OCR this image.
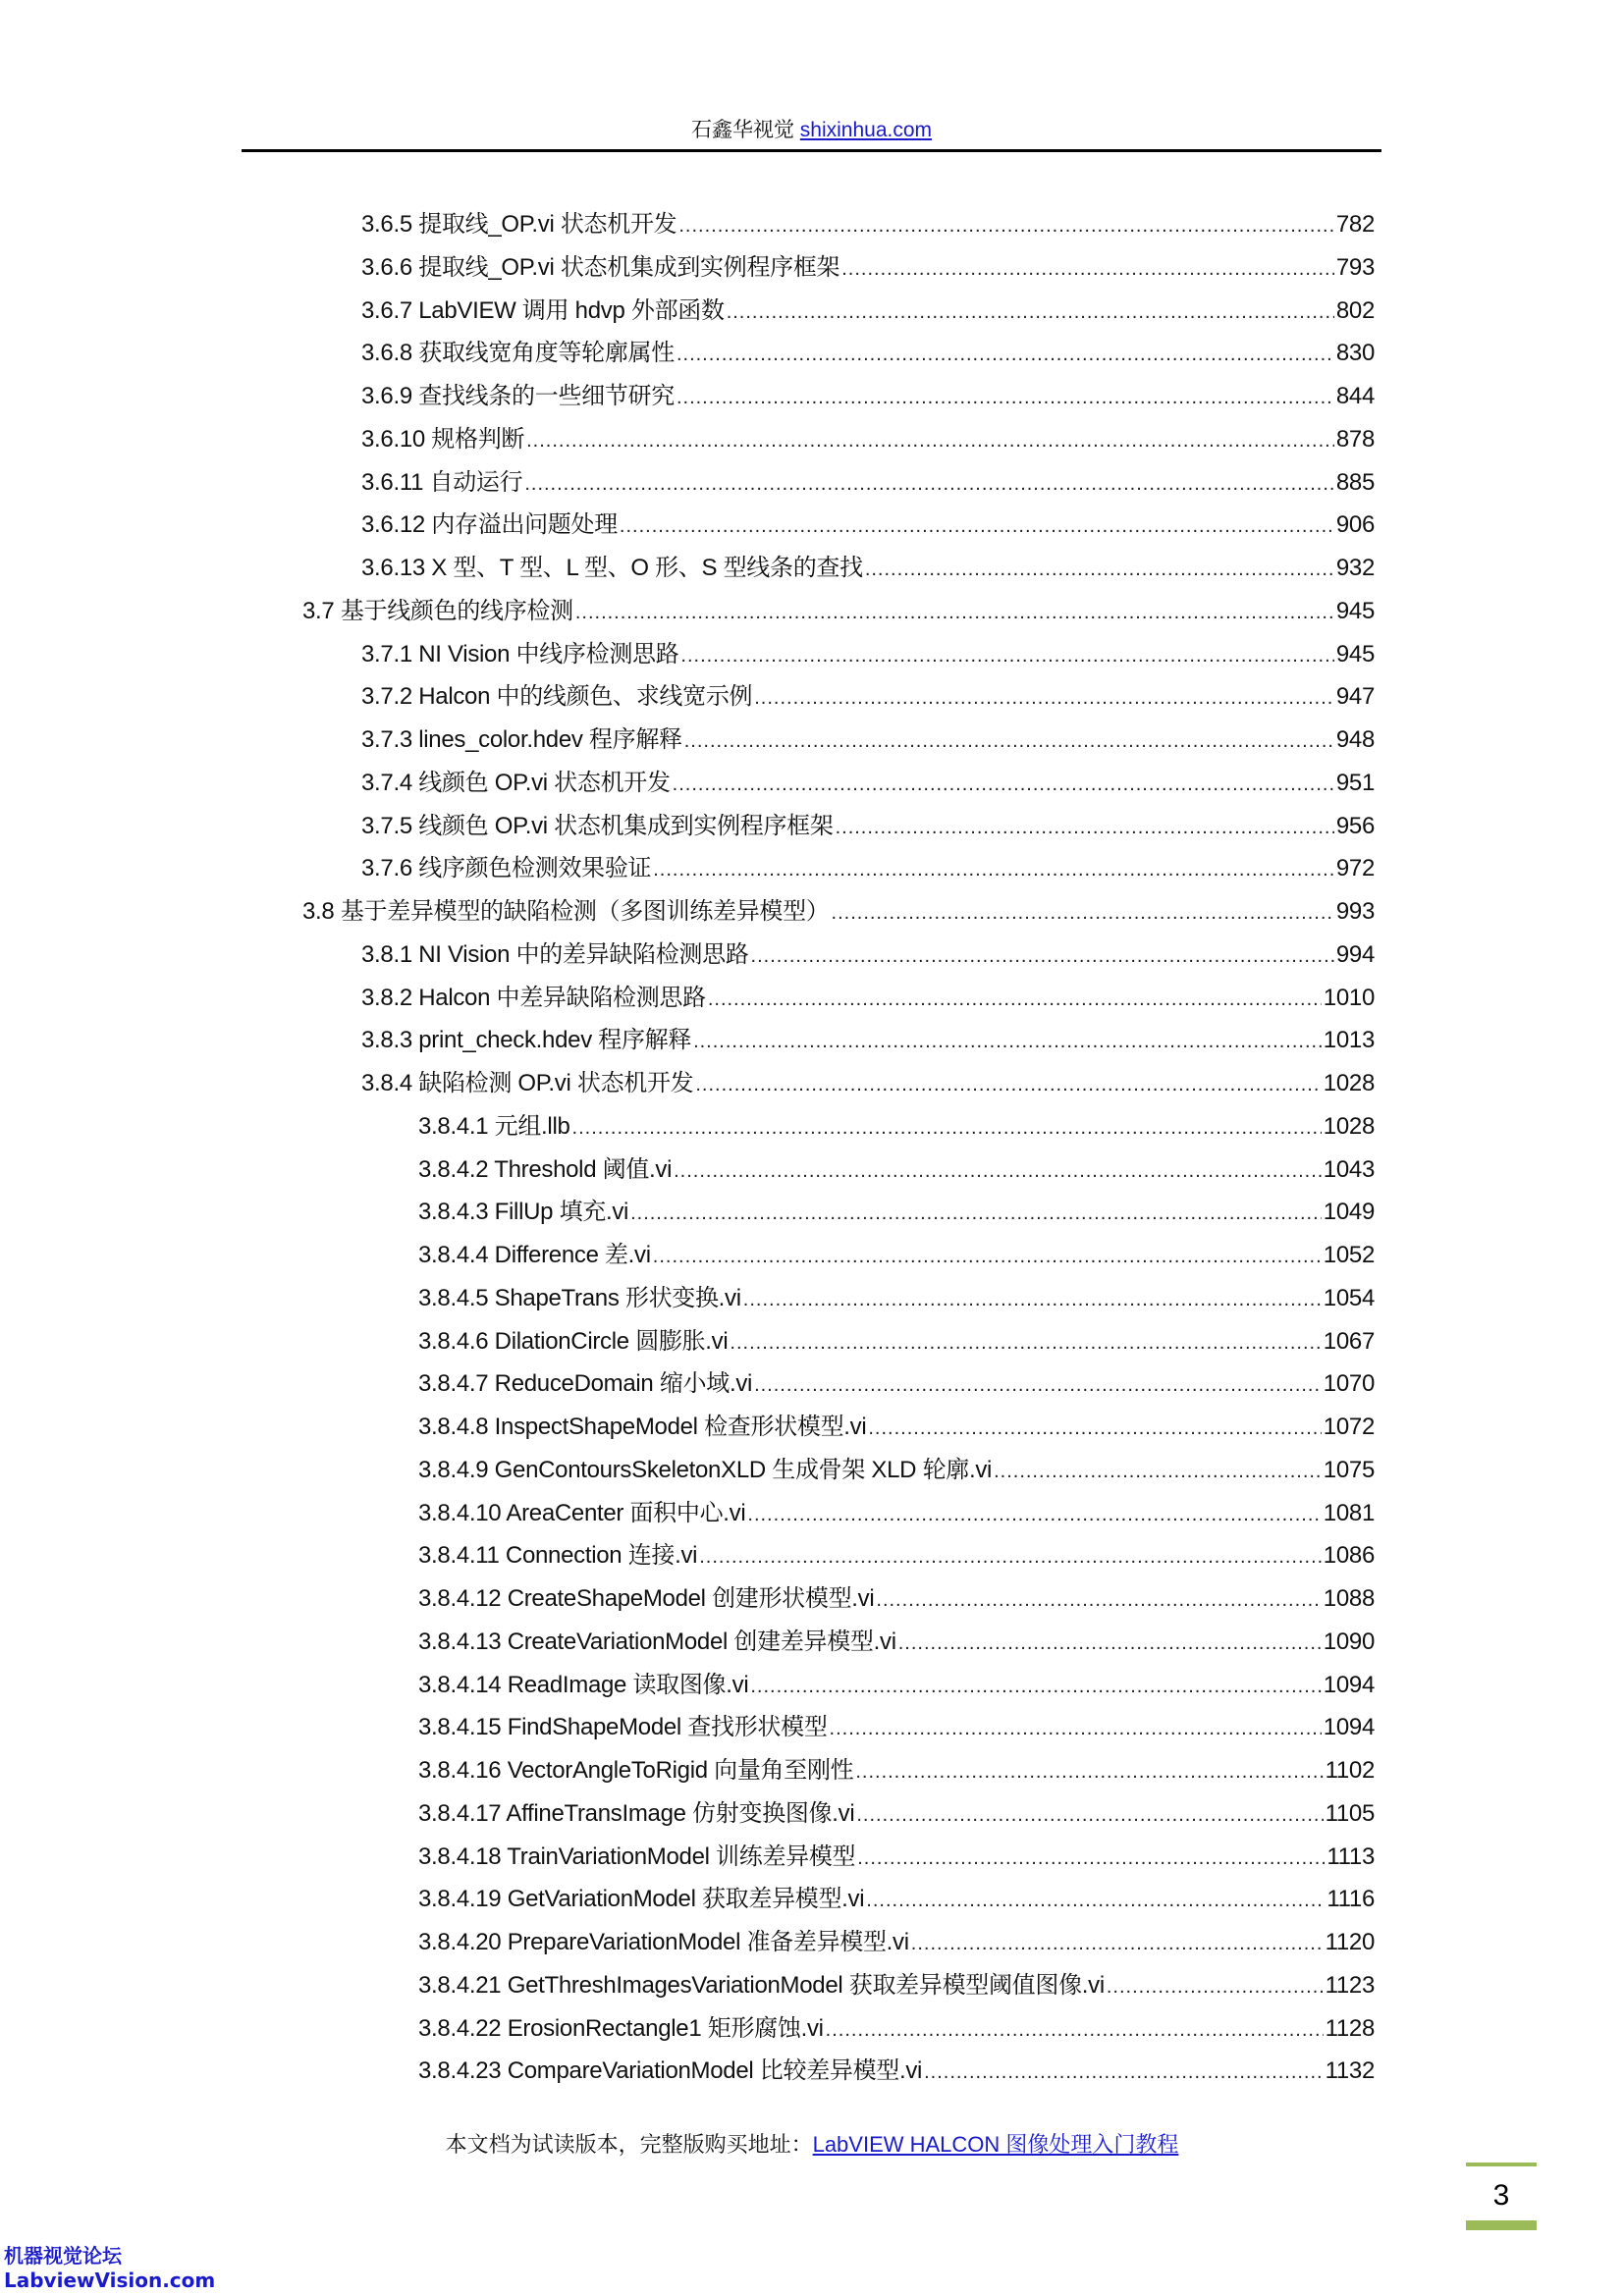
石鑫华视觉 shixinhua.com
3.6.5 提取线_OP.vi 状态机开发 .....	782
3.6.6 提取线_OP.vi 状态机集成到实例程序框架 .....	793
3.6.7 LabVIEW 调用 hdvp 外部函数 .....	802
3.6.8 获取线宽角度等轮廓属性 .....	830
3.6.9 查找线条的一些细节研究 .....	844
3.6.10 规格判断 .....	878
3.6.11 自动运行 .....	885
3.6.12 内存溢出问题处理 .....	906
3.6.13 X 型、T 型、L 型、O 形、S 型线条的查找 .....	932
3.7 基于线颜色的线序检测 .....	945
3.7.1 NI Vision 中线序检测思路 .....	945
3.7.2 Halcon 中的线颜色、求线宽示例 .....	947
3.7.3 lines_color.hdev 程序解释 .....	948
3.7.4 线颜色 OP.vi 状态机开发 .....	951
3.7.5 线颜色 OP.vi 状态机集成到实例程序框架 .....	956
3.7.6 线序颜色检测效果验证 .....	972
3.8 基于差异模型的缺陷检测（多图训练差异模型） .....	993
3.8.1 NI Vision 中的差异缺陷检测思路 .....	994
3.8.2 Halcon 中差异缺陷检测思路 .....	1010
3.8.3 print_check.hdev 程序解释 .....	1013
3.8.4 缺陷检测 OP.vi 状态机开发 .....	1028
3.8.4.1 元组.llb .....	1028
3.8.4.2 Threshold 阈值.vi .....	1043
3.8.4.3 FillUp 填充.vi .....	1049
3.8.4.4 Difference 差.vi .....	1052
3.8.4.5 ShapeTrans 形状变换.vi .....	1054
3.8.4.6 DilationCircle 圆膨胀.vi .....	1067
3.8.4.7 ReduceDomain 缩小域.vi .....	1070
3.8.4.8 InspectShapeModel 检查形状模型.vi .....	1072
3.8.4.9 GenContoursSkeletonXLD 生成骨架 XLD 轮廓.vi .....	1075
3.8.4.10 AreaCenter 面积中心.vi .....	1081
3.8.4.11 Connection 连接.vi .....	1086
3.8.4.12 CreateShapeModel 创建形状模型.vi .....	1088
3.8.4.13 CreateVariationModel 创建差异模型.vi .....	1090
3.8.4.14 ReadImage 读取图像.vi .....	1094
3.8.4.15 FindShapeModel 查找形状模型 .....	1094
3.8.4.16 VectorAngleToRigid 向量角至刚性 .....	1102
3.8.4.17 AffineTransImage 仿射变换图像.vi .....	1105
3.8.4.18 TrainVariationModel 训练差异模型 .....	1113
3.8.4.19 GetVariationModel 获取差异模型.vi .....	1116
3.8.4.20 PrepareVariationModel 准备差异模型.vi .....	1120
3.8.4.21 GetThreshImagesVariationModel 获取差异模型阈值图像.vi .....	1123
3.8.4.22 ErosionRectangle1 矩形腐蚀.vi .....	1128
3.8.4.23 CompareVariationModel 比较差异模型.vi .....	1132
本文档为试读版本，完整版购买地址：LabVIEW HALCON 图像处理入门教程
3
机器视觉论坛
LabviewVision.com
